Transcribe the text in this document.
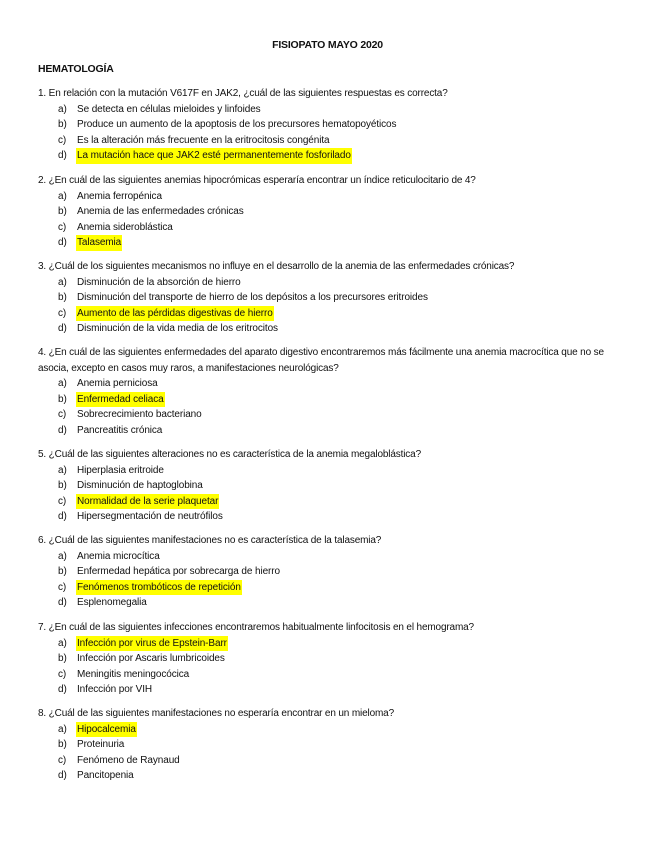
FISIOPATO MAYO 2020
HEMATOLOGÍA
1. En relación con la mutación V617F en JAK2, ¿cuál de las siguientes respuestas es correcta?
a) Se detecta en células mieloides y linfoides
b) Produce un aumento de la apoptosis de los precursores hematopoyéticos
c) Es la alteración más frecuente en la eritrocitosis congénita
d) La mutación hace que JAK2 esté permanentemente fosforilado
2. ¿En cuál de las siguientes anemias hipocrómicas esperaría encontrar un índice reticulocitario de 4?
a) Anemia ferropénica
b) Anemia de las enfermedades crónicas
c) Anemia sideroblástica
d) Talasemia
3. ¿Cuál de los siguientes mecanismos no influye en el desarrollo de la anemia de las enfermedades crónicas?
a) Disminución de la absorción de hierro
b) Disminución del transporte de hierro de los depósitos a los precursores eritroides
c) Aumento de las pérdidas digestivas de hierro
d) Disminución de la vida media de los eritrocitos
4. ¿En cuál de las siguientes enfermedades del aparato digestivo encontraremos más fácilmente una anemia macrocítica que no se asocia, excepto en casos muy raros, a manifestaciones neurológicas?
a) Anemia perniciosa
b) Enfermedad celiaca
c) Sobrecrecimiento bacteriano
d) Pancreatitis crónica
5. ¿Cuál de las siguientes alteraciones no es característica de la anemia megaloblástica?
a) Hiperplasia eritroide
b) Disminución de haptoglobina
c) Normalidad de la serie plaquetar
d) Hipersegmentación de neutrófilos
6. ¿Cuál de las siguientes manifestaciones no es característica de la talasemia?
a) Anemia microcítica
b) Enfermedad hepática por sobrecarga de hierro
c) Fenómenos trombóticos de repetición
d) Esplenomegalia
7. ¿En cuál de las siguientes infecciones encontraremos habitualmente linfocitosis en el hemograma?
a) Infección por virus de Epstein-Barr
b) Infección por Ascaris lumbricoides
c) Meningitis meningocócica
d) Infección por VIH
8. ¿Cuál de las siguientes manifestaciones no esperaría encontrar en un mieloma?
a) Hipocalcemia
b) Proteinuria
c) Fenómeno de Raynaud
d) Pancitopenia
